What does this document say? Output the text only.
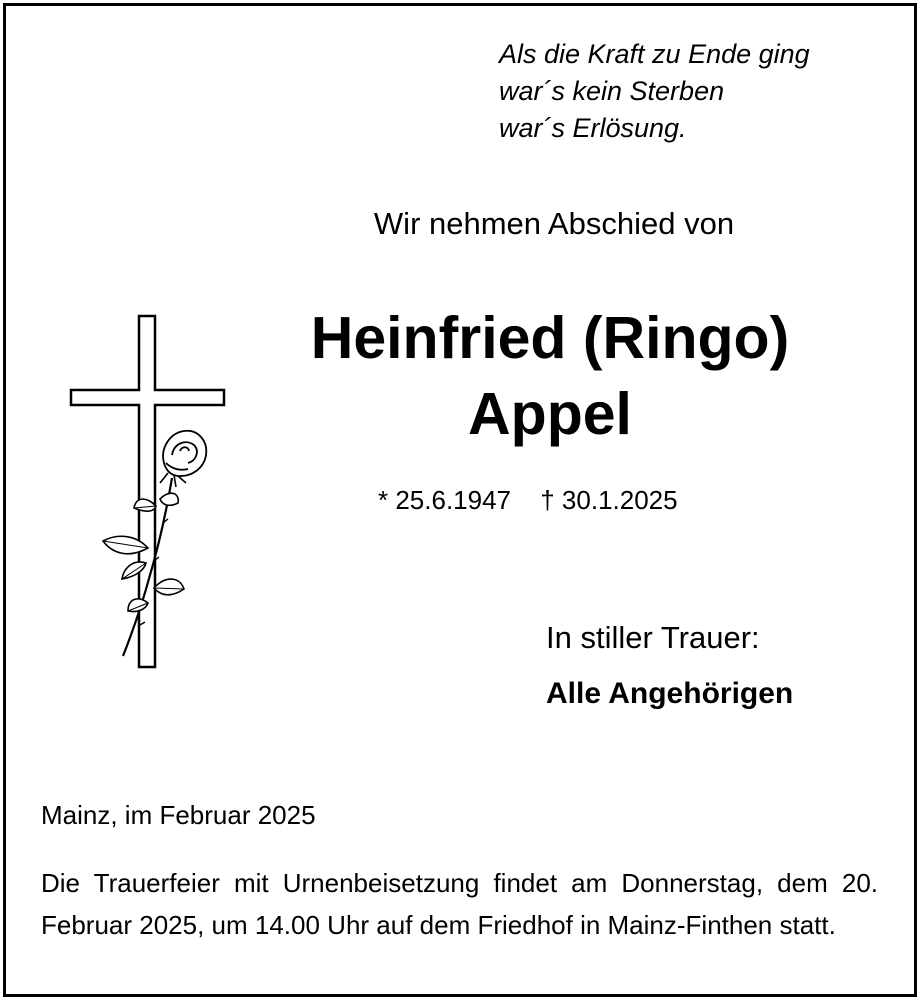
Als die Kraft zu Ende ging
war´s kein Sterben
war´s Erlösung.
Wir nehmen Abschied von
Heinfried (Ringo)
Appel
* 25.6.1947 † 30.1.2025
In stiller Trauer:
Alle Angehörigen
Mainz, im Februar 2025
Die Trauerfeier mit Urnenbeisetzung findet am Donnerstag, dem 20. Februar 2025, um 14.00 Uhr auf dem Friedhof in Mainz-Finthen statt.
